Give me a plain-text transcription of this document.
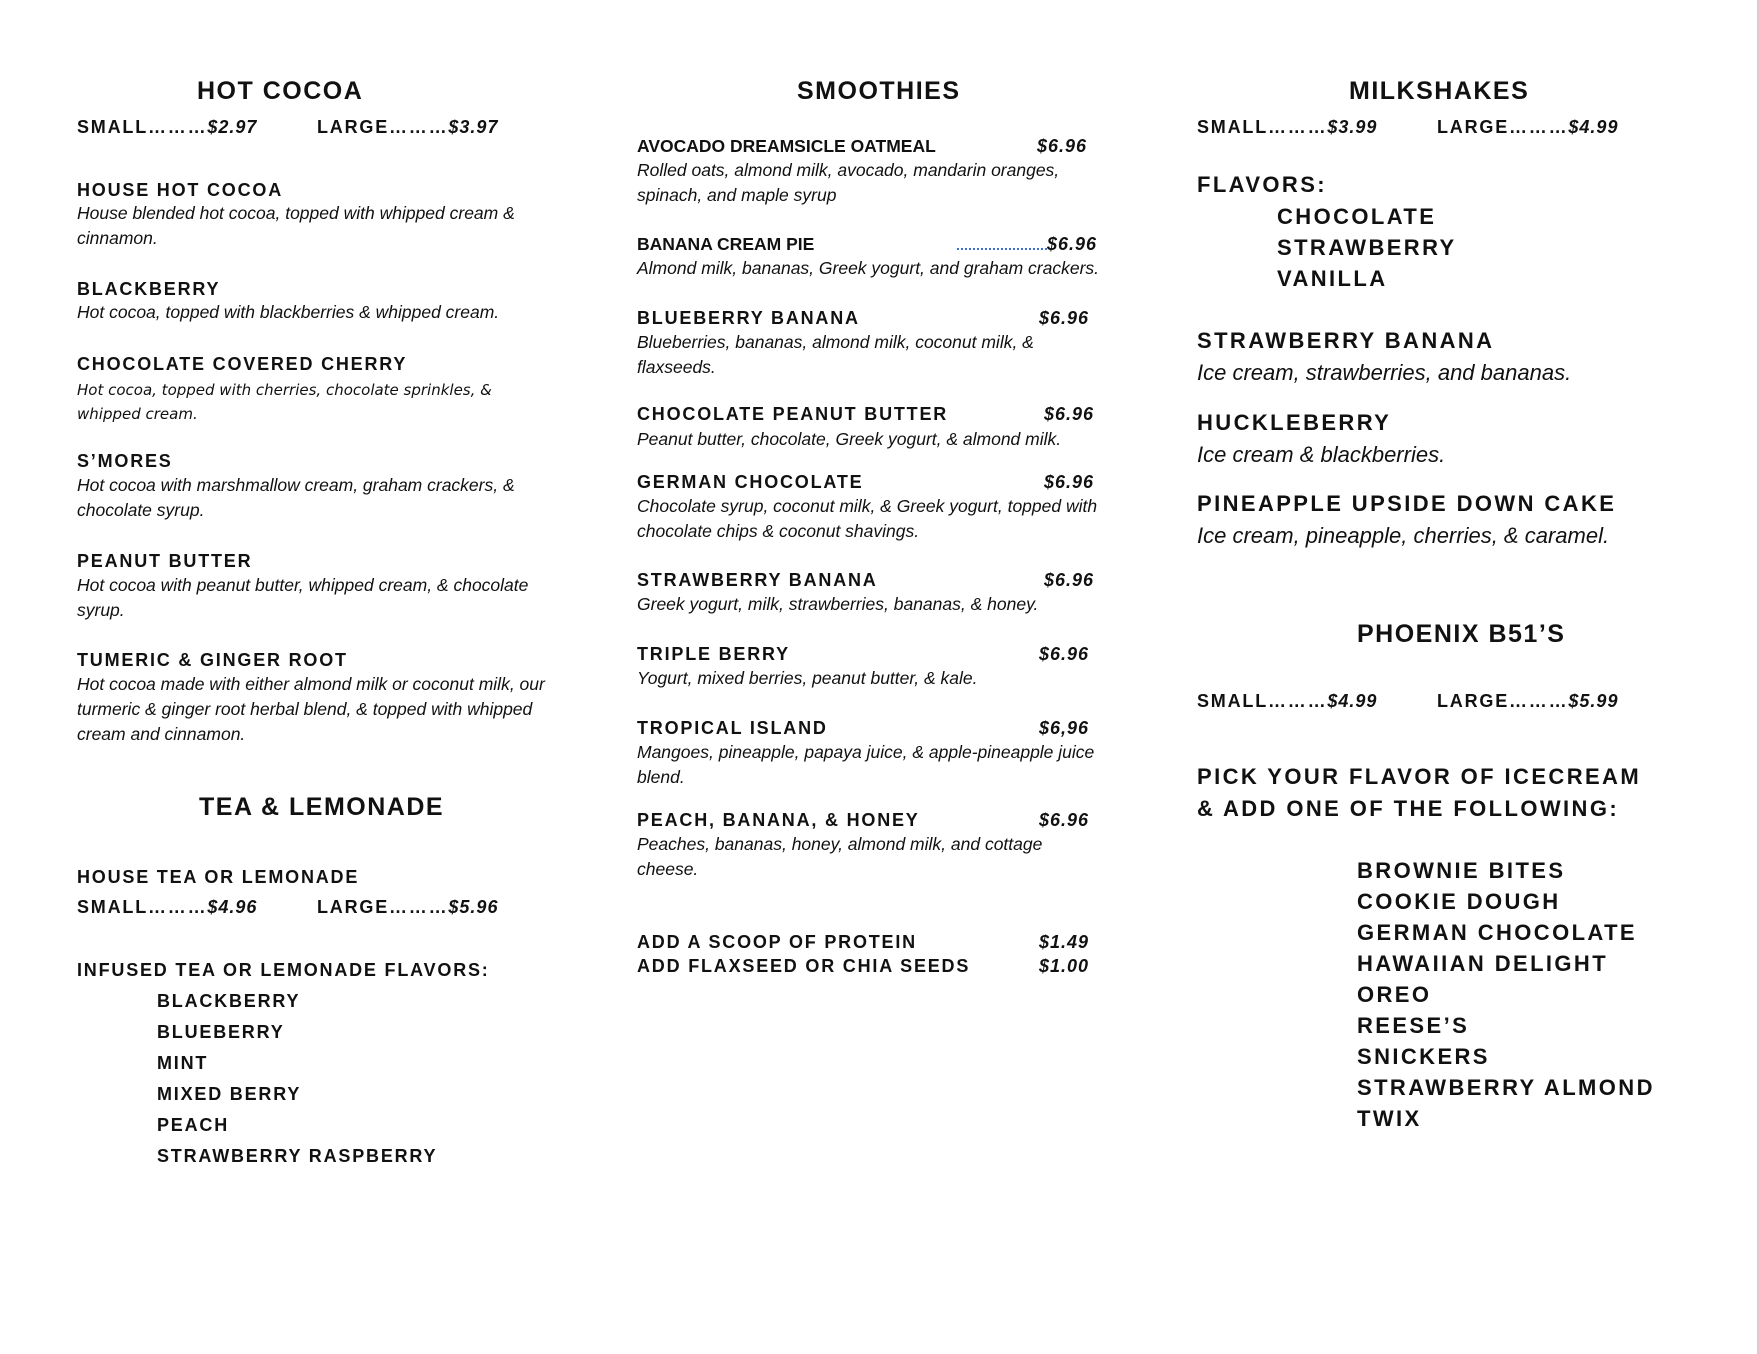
HOT COCOA
SMALL………$2.97	LARGE………$3.97
HOUSE HOT COCOA
House blended hot cocoa, topped with whipped cream & cinnamon.
BLACKBERRY
Hot cocoa, topped with blackberries & whipped cream.
CHOCOLATE COVERED CHERRY
Hot cocoa, topped with cherries, chocolate sprinkles, & whipped cream.
S’MORES
Hot cocoa with marshmallow cream, graham crackers, & chocolate syrup.
PEANUT BUTTER
Hot cocoa with peanut butter, whipped cream, & chocolate syrup.
TUMERIC & GINGER ROOT
Hot cocoa made with either almond milk or coconut milk, our turmeric & ginger root herbal blend, & topped with whipped cream and cinnamon.
TEA & LEMONADE
HOUSE TEA OR LEMONADE
SMALL………$4.96	LARGE………$5.96
INFUSED TEA OR LEMONADE FLAVORS:
BLACKBERRY
BLUEBERRY
MINT
MIXED BERRY
PEACH
STRAWBERRY RASPBERRY
SMOOTHIES
AVOCADO DREAMSICLE OATMEAL	$6.96
Rolled oats, almond milk, avocado, mandarin oranges, spinach, and maple syrup
BANANA CREAM PIE	$6.96
Almond milk, bananas, Greek yogurt, and graham crackers.
BLUEBERRY BANANA	$6.96
Blueberries, bananas, almond milk, coconut milk, & flaxseeds.
CHOCOLATE PEANUT BUTTER	$6.96
Peanut butter, chocolate, Greek yogurt, & almond milk.
GERMAN CHOCOLATE	$6.96
Chocolate syrup, coconut milk, & Greek yogurt, topped with chocolate chips & coconut shavings.
STRAWBERRY BANANA	$6.96
Greek yogurt, milk, strawberries, bananas, & honey.
TRIPLE BERRY	$6.96
Yogurt, mixed berries, peanut butter, & kale.
TROPICAL ISLAND	$6,96
Mangoes, pineapple, papaya juice, & apple-pineapple juice blend.
PEACH, BANANA, & HONEY	$6.96
Peaches, bananas, honey, almond milk, and cottage cheese.
ADD A SCOOP OF PROTEIN	$1.49
ADD FLAXSEED OR CHIA SEEDS	$1.00
MILKSHAKES
SMALL………$3.99	LARGE………$4.99
FLAVORS:
CHOCOLATE
STRAWBERRY
VANILLA
STRAWBERRY BANANA
Ice cream, strawberries, and bananas.
HUCKLEBERRY
Ice cream & blackberries.
PINEAPPLE UPSIDE DOWN CAKE
Ice cream, pineapple, cherries, & caramel.
PHOENIX B51’S
SMALL………$4.99	LARGE………$5.99
PICK YOUR FLAVOR OF ICECREAM
& ADD ONE OF THE FOLLOWING:
BROWNIE BITES
COOKIE DOUGH
GERMAN CHOCOLATE
HAWAIIAN DELIGHT
OREO
REESE’S
SNICKERS
STRAWBERRY ALMOND
TWIX
